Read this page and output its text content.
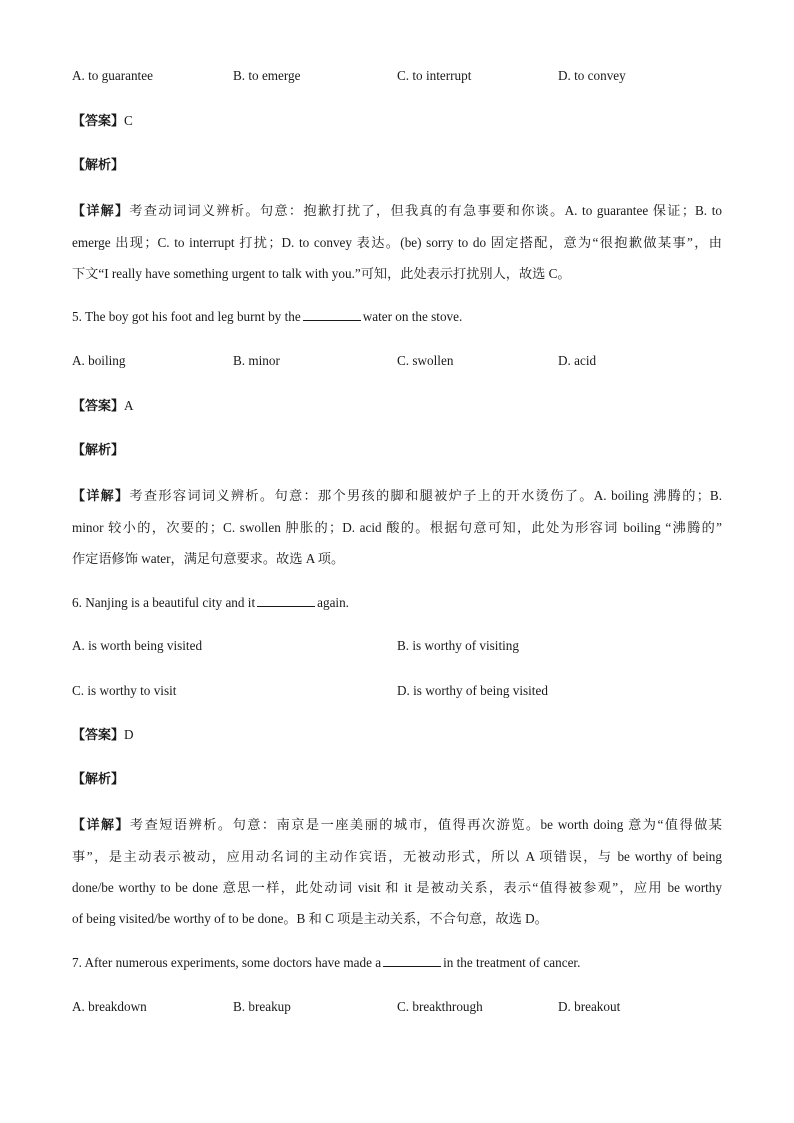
A. to guarantee	B. to emerge	C. to interrupt	D. to convey
【答案】C
【解析】
【详解】考查动词词义辨析。句意：抱歉打扰了，但我真的有急事要和你谈。A. to guarantee 保证；B. to
emerge 出现；C. to interrupt 打扰；D. to convey 表达。(be) sorry to do 固定搭配，意为“很抱歉做某事”，由
下文“I really have something urgent to talk with you.”可知，此处表示打扰别人，故选 C。
5. The boy got his foot and leg burnt by the	water on the stove.
A. boiling	B. minor	C. swollen	D. acid
【答案】A
【解析】
【详解】考查形容词词义辨析。句意：那个男孩的脚和腿被炉子上的开水烫伤了。A. boiling 沸腾的；B.
minor 较小的，次要的；C. swollen 肿胀的；D. acid 酸的。根据句意可知，此处为形容词 boiling “沸腾的”
作定语修饰 water，满足句意要求。故选 A 项。
6. Nanjing is a beautiful city and it	again.
A. is worth being visited	B. is worthy of visiting
C. is worthy to visit	D. is worthy of being visited
【答案】D
【解析】
【详解】考查短语辨析。句意：南京是一座美丽的城市，值得再次游览。be worth doing 意为“值得做某
事”，是主动表示被动，应用动名词的主动作宾语，无被动形式，所以 A 项错误，与 be worthy of being
done/be worthy to be done 意思一样，此处动词 visit 和 it 是被动关系，表示“值得被参观”，应用 be worthy
of being visited/be worthy of to be done。B 和 C 项是主动关系，不合句意，故选 D。
7. After numerous experiments, some doctors have made a	in the treatment of cancer.
A. breakdown	B. breakup	C. breakthrough	D. breakout
